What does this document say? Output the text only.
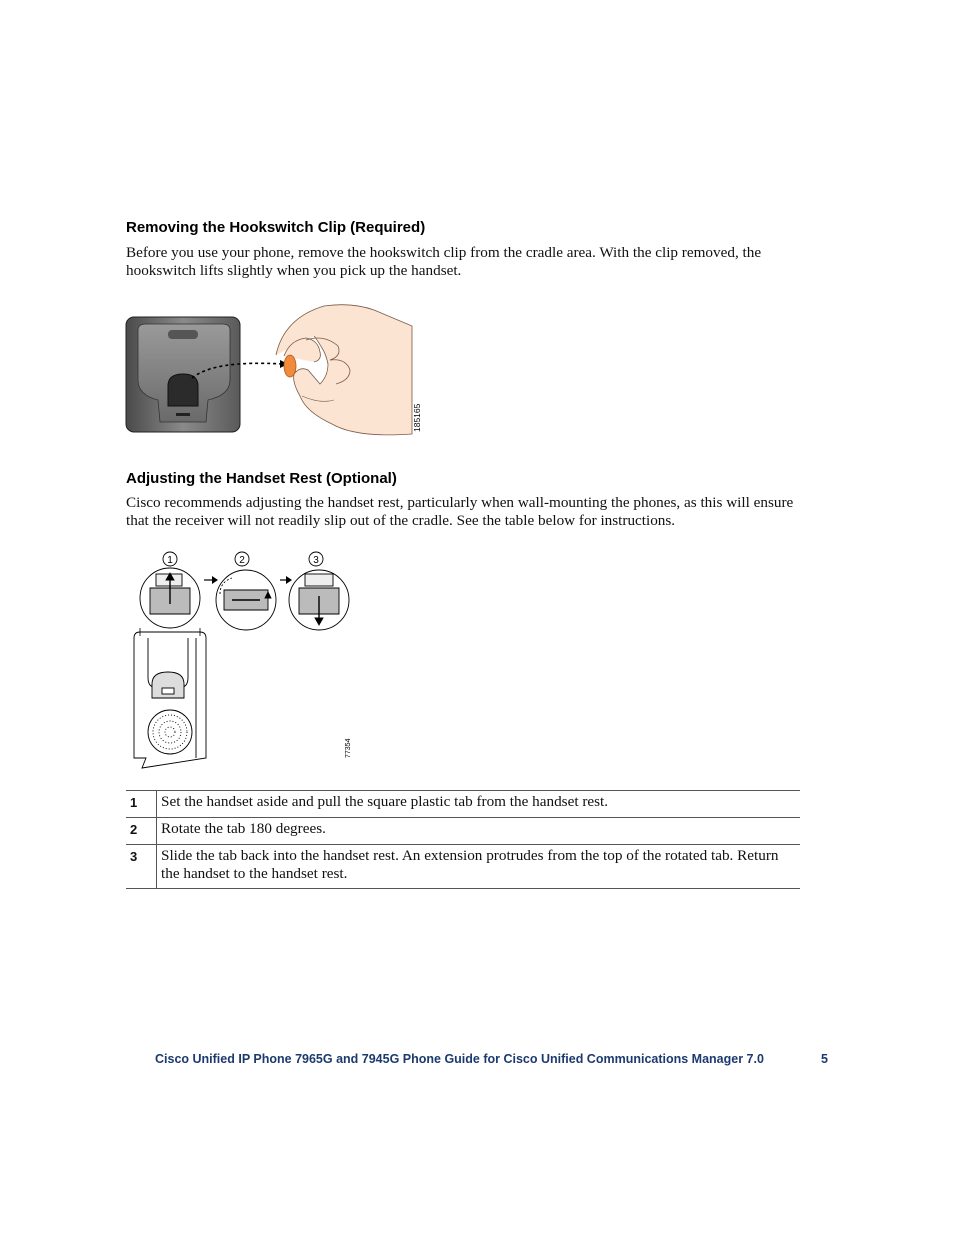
Removing the Hookswitch Clip (Required)

Before you use your phone, remove the hookswitch clip from the cradle area. With the clip removed, the hookswitch lifts slightly when you pick up the handset.

185165
Adjusting the Handset Rest (Optional)

Cisco recommends adjusting the handset rest, particularly when wall-mounting the phones, as this will ensure that the receiver will not readily slip out of the cradle. See the table below for instructions.

1	2	3
77354
1	Set the handset aside and pull the square plastic tab from the handset rest.
2	Rotate the tab 180 degrees.
3	Slide the tab back into the handset rest. An extension protrudes from the top of the rotated tab. Return the handset to the handset rest.
Cisco Unified IP Phone 7965G and 7945G Phone Guide for Cisco Unified Communications Manager 7.0	5
